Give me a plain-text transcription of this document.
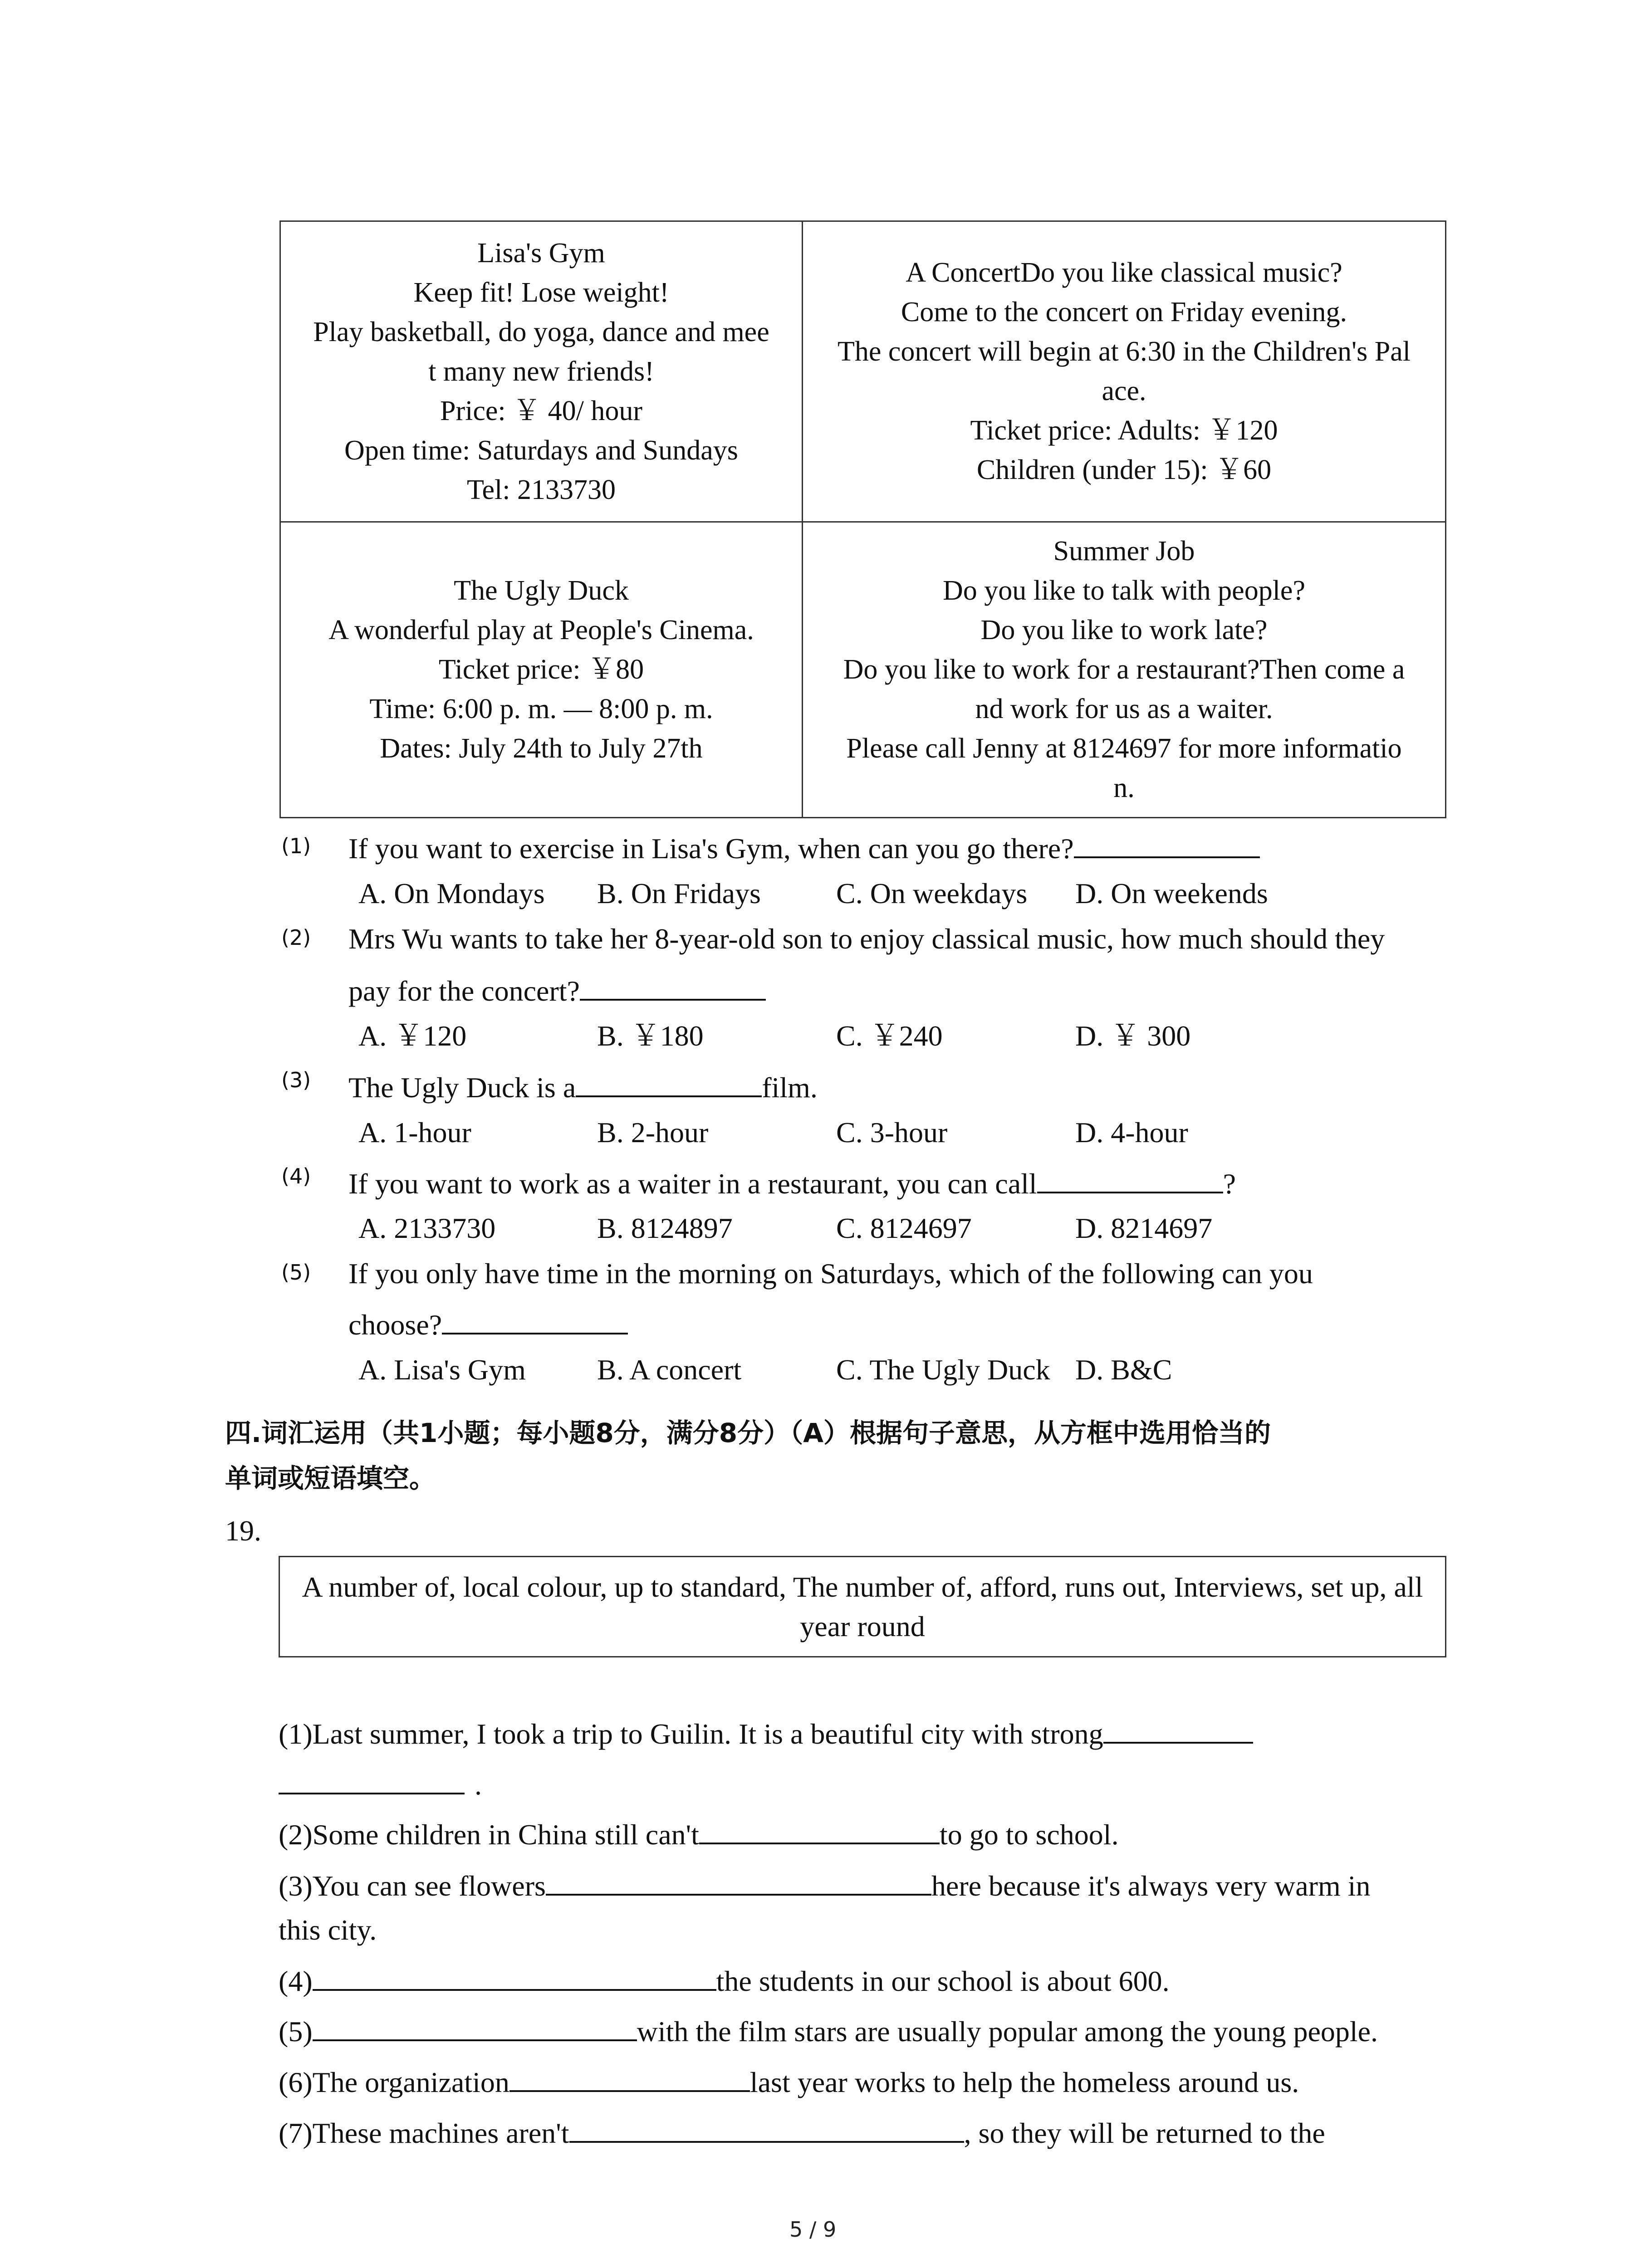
Lisa's Gym
Keep fit! Lose weight!
Play basketball, do yoga, dance and mee
t many new friends!
Price: ￥ 40/ hour
Open time: Saturdays and Sundays
Tel: 2133730
A ConcertDo you like classical music?
Come to the concert on Friday evening.
The concert will begin at 6:30 in the Children's Pal
ace.
Ticket price: Adults: ￥120
Children (under 15): ￥60
The Ugly Duck
A wonderful play at People's Cinema.
Ticket price: ￥80
Time: 6:00 p. m. — 8:00 p. m.
Dates: July 24th to July 27th
Summer Job
Do you like to talk with people?
Do you like to work late?
Do you like to work for a restaurant?Then come a
nd work for us as a waiter.
Please call Jenny at 8124697 for more informatio
n.
(1) If you want to exercise in Lisa's Gym, when can you go there?
A. On Mondays B. On Fridays	C. On weekdays D. On weekends
(2) Mrs Wu wants to take her 8-year-old son to enjoy classical music, how much should they
pay for the concert?
A. ￥120	B. ￥180	C. ￥240	D. ￥ 300
(3) The Ugly Duck is a	film.
A. 1-hour	B. 2-hour	C. 3-hour	D. 4-hour
(4) If you want to work as a waiter in a restaurant, you can call	?
A. 2133730	B. 8124897	C. 8124697	D. 8214697
(5) If you only have time in the morning on Saturdays, which of the following can you
choose?
A. Lisa's Gym B. A concert	C. The Ugly Duck D. B&C
四.词汇运用（共1小题；每小题8分，满分8分）（A）根据句子意思，从方框中选用恰当的
单词或短语填空。
19.
A number of, local colour, up to standard, The number of, afford, runs out, Interviews, set up, all year round
(1)Last summer, I took a trip to Guilin. It is a beautiful city with strong
.
(2)Some children in China still can't	to go to school.
(3)You can see flowers	here because it's always very warm in
this city.
(4)	the students in our school is about 600.
(5)	with the film stars are usually popular among the young people.
(6)The organization	last year works to help the homeless around us.
(7)These machines aren't	, so they will be returned to the
5 / 9
